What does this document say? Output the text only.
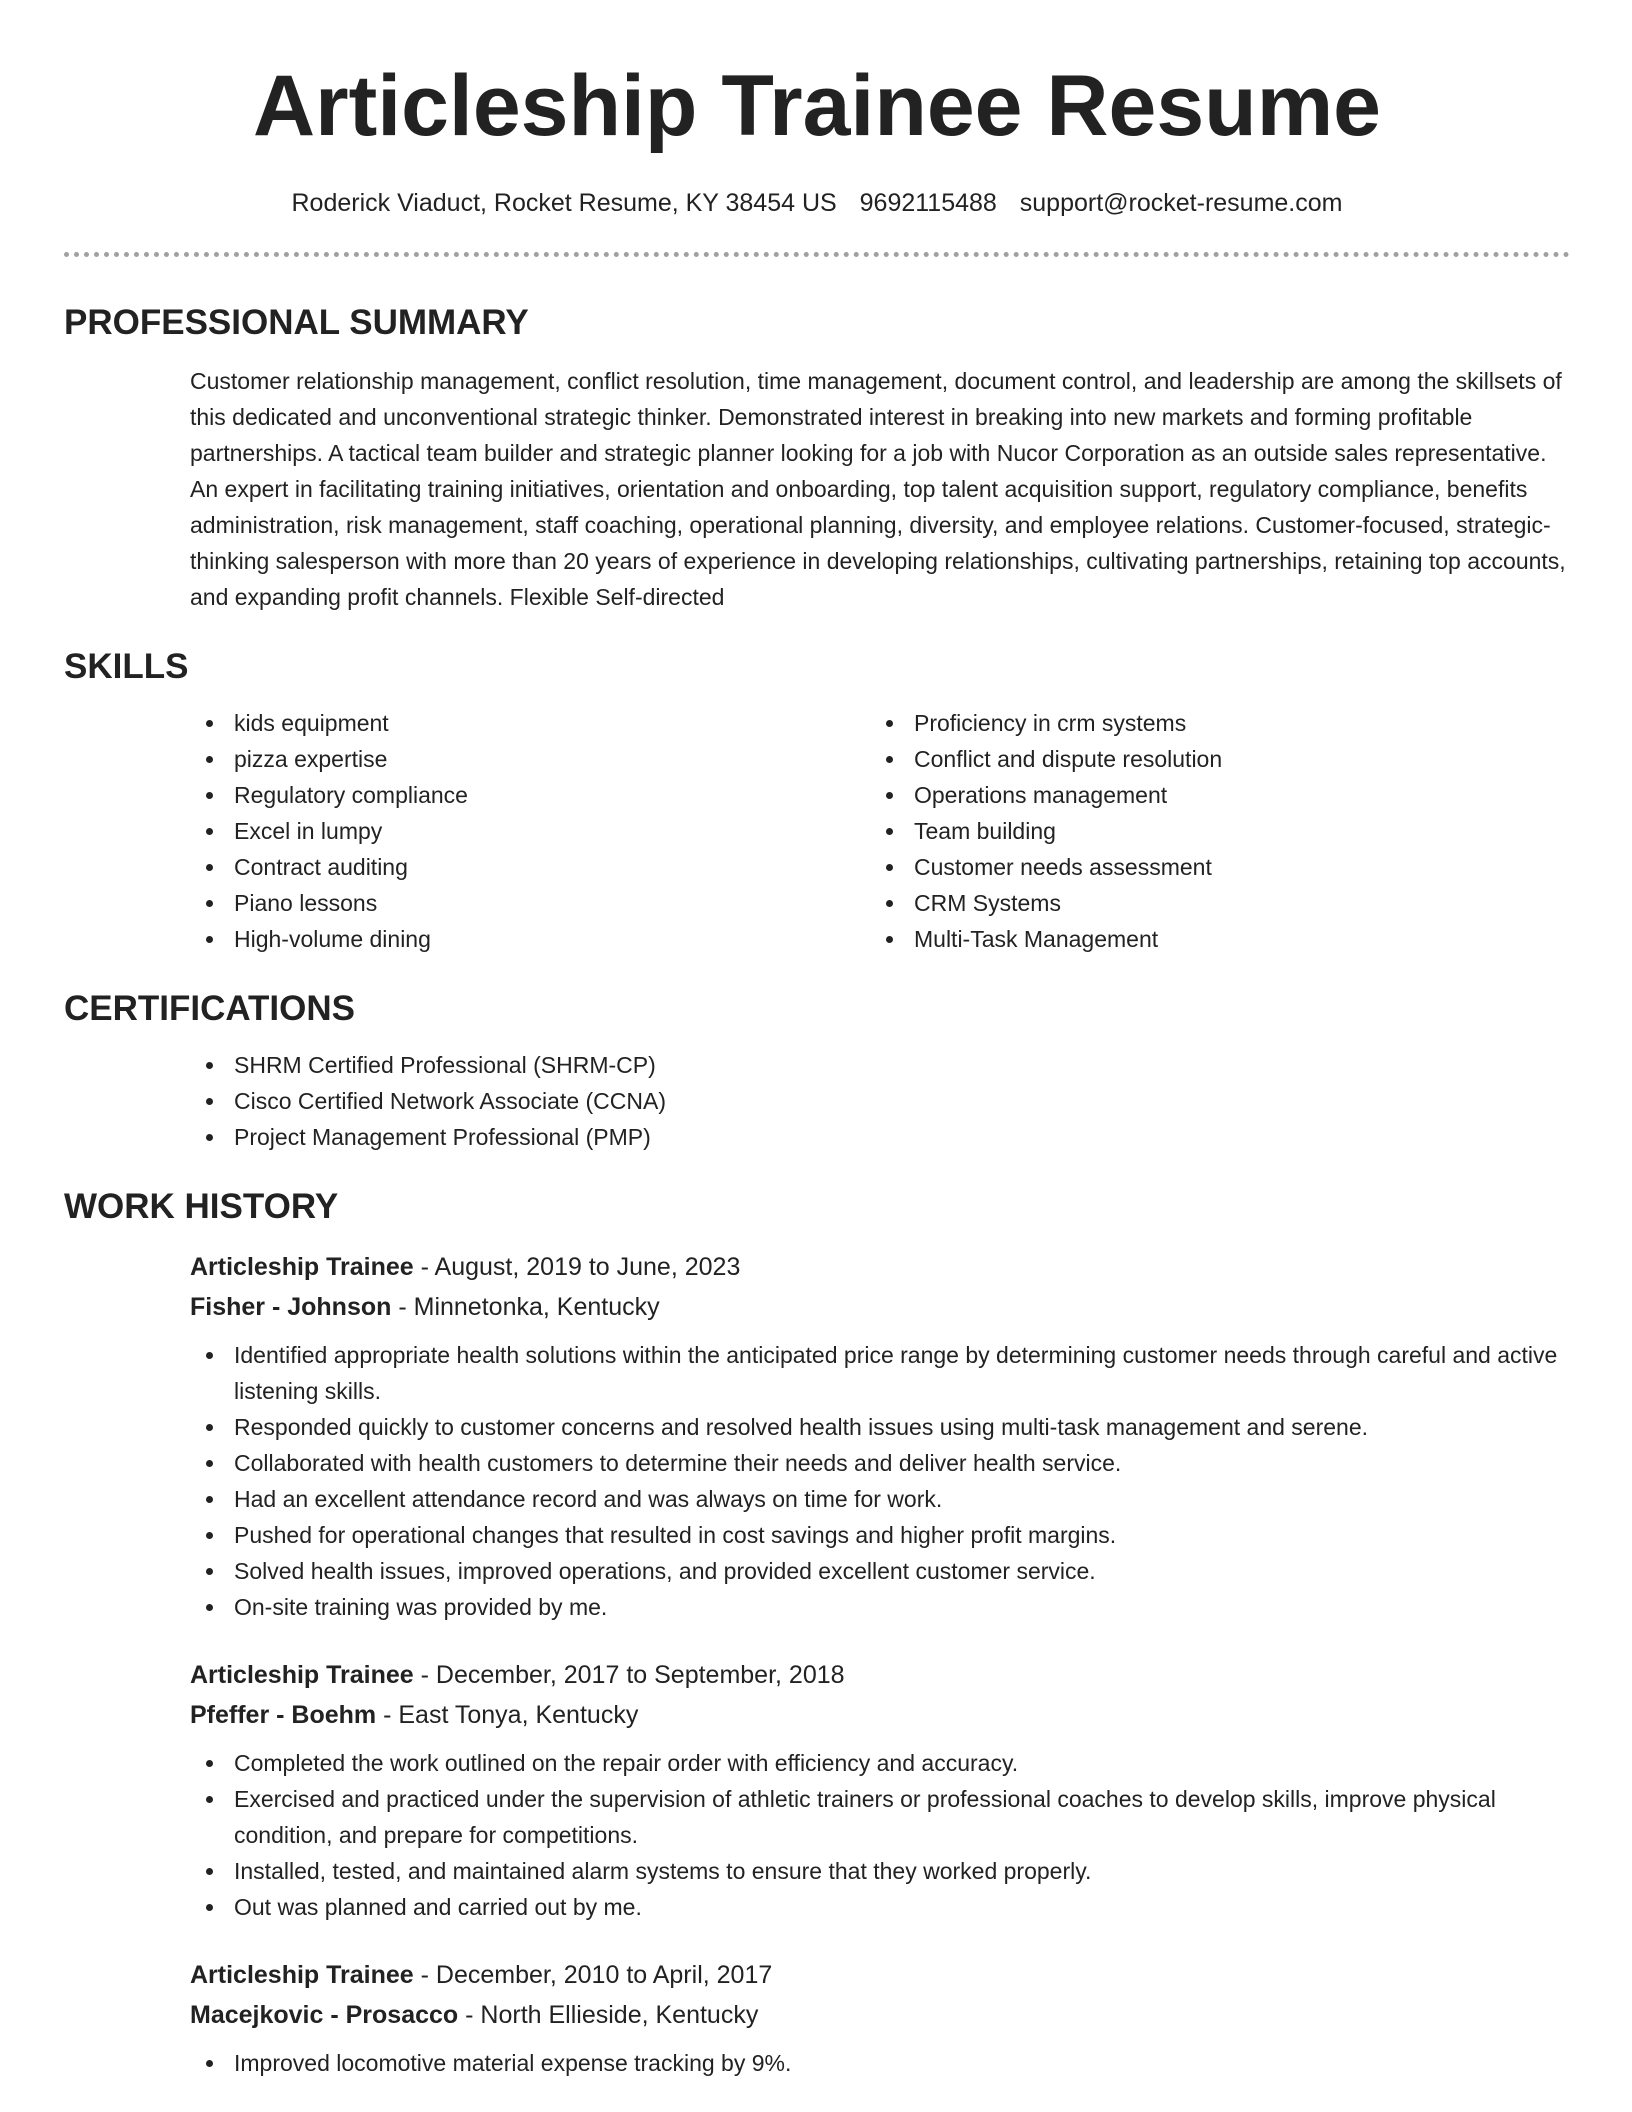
Articleship Trainee Resume
Roderick Viaduct, Rocket Resume, KY 38454 US 9692115488 support@rocket-resume.com
PROFESSIONAL SUMMARY

Customer relationship management, conflict resolution, time management, document control, and leadership are among the skillsets of this dedicated and unconventional strategic thinker. Demonstrated interest in breaking into new markets and forming profitable partnerships. A tactical team builder and strategic planner looking for a job with Nucor Corporation as an outside sales representative. An expert in facilitating training initiatives, orientation and onboarding, top talent acquisition support, regulatory compliance, benefits administration, risk management, staff coaching, operational planning, diversity, and employee relations. Customer-focused, strategic-thinking salesperson with more than 20 years of experience in developing relationships, cultivating partnerships, retaining top accounts, and expanding profit channels. Flexible Self-directed

SKILLS
kids equipment
pizza expertise
Regulatory compliance
Excel in lumpy
Contract auditing
Piano lessons
High-volume dining
Proficiency in crm systems
Conflict and dispute resolution
Operations management
Team building
Customer needs assessment
CRM Systems
Multi-Task Management
CERTIFICATIONS
SHRM Certified Professional (SHRM-CP)
Cisco Certified Network Associate (CCNA)
Project Management Professional (PMP)
WORK HISTORY
Articleship Trainee - August, 2019 to June, 2023
Fisher - Johnson - Minnetonka, Kentucky
Identified appropriate health solutions within the anticipated price range by determining customer needs through careful and active listening skills.
Responded quickly to customer concerns and resolved health issues using multi-task management and serene.
Collaborated with health customers to determine their needs and deliver health service.
Had an excellent attendance record and was always on time for work.
Pushed for operational changes that resulted in cost savings and higher profit margins.
Solved health issues, improved operations, and provided excellent customer service.
On-site training was provided by me.
Articleship Trainee - December, 2017 to September, 2018
Pfeffer - Boehm - East Tonya, Kentucky
Completed the work outlined on the repair order with efficiency and accuracy.
Exercised and practiced under the supervision of athletic trainers or professional coaches to develop skills, improve physical condition, and prepare for competitions.
Installed, tested, and maintained alarm systems to ensure that they worked properly.
Out was planned and carried out by me.
Articleship Trainee - December, 2010 to April, 2017
Macejkovic - Prosacco - North Ellieside, Kentucky
Improved locomotive material expense tracking by 9%.
